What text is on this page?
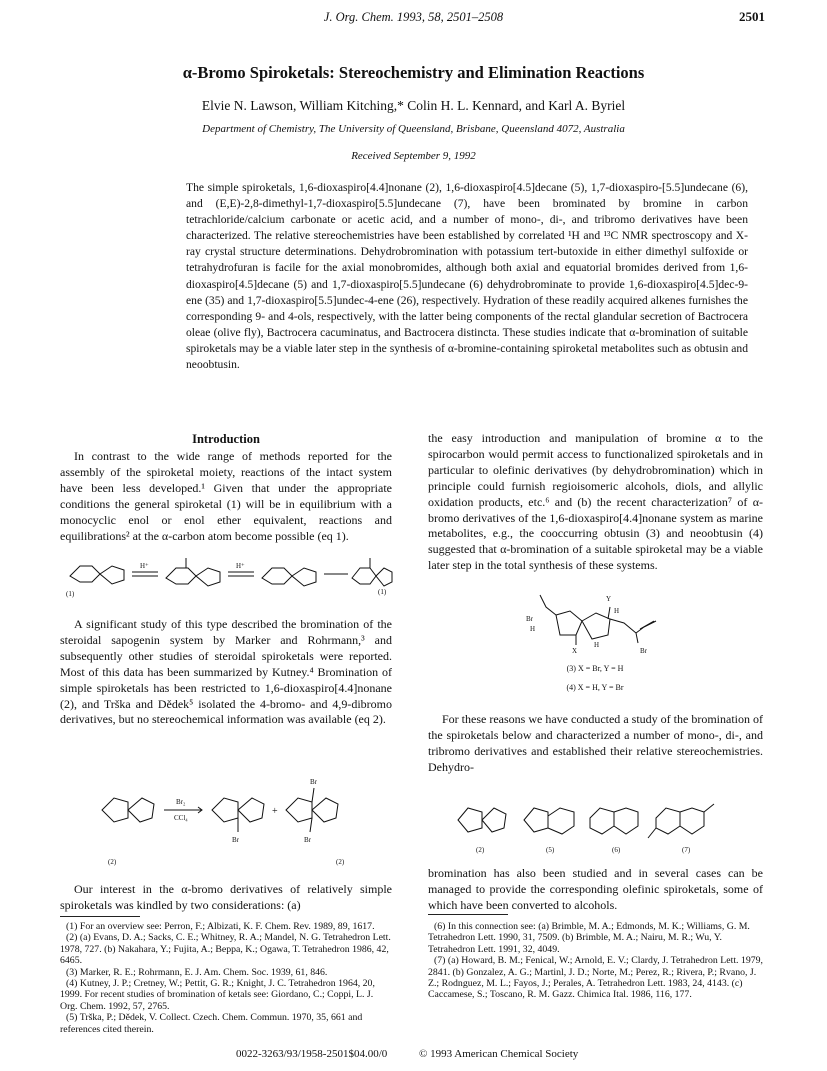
J. Org. Chem. 1993, 58, 2501–2508	2501
α-Bromo Spiroketals: Stereochemistry and Elimination Reactions
Elvie N. Lawson, William Kitching,* Colin H. L. Kennard, and Karl A. Byriel
Department of Chemistry, The University of Queensland, Brisbane, Queensland 4072, Australia
Received September 9, 1992
The simple spiroketals, 1,6-dioxaspiro[4.4]nonane (2), 1,6-dioxaspiro[4.5]decane (5), 1,7-dioxaspiro-[5.5]undecane (6), and (E,E)-2,8-dimethyl-1,7-dioxaspiro[5.5]undecane (7), have been brominated by bromine in carbon tetrachloride/calcium carbonate or acetic acid, and a number of mono-, di-, and tribromo derivatives have been characterized. The relative stereochemistries have been established by correlated ¹H and ¹³C NMR spectroscopy and X-ray crystal structure determinations. Dehydrobromination with potassium tert-butoxide in either dimethyl sulfoxide or tetrahydrofuran is facile for the axial monobromides, although both axial and equatorial bromides derived from 1,6-dioxaspiro[4.5]decane (5) and 1,7-dioxaspiro[5.5]undecane (6) dehydrobrominate to provide 1,6-dioxaspiro[4.5]dec-9-ene (35) and 1,7-dioxaspiro[5.5]undec-4-ene (26), respectively. Hydration of these readily acquired alkenes furnishes the corresponding 9- and 4-ols, respectively, with the latter being components of the rectal glandular secretion of Bactrocera oleae (olive fly), Bactrocera cacuminatus, and Bactrocera distincta. These studies indicate that α-bromination of suitable spiroketals may be a viable later step in the synthesis of α-bromine-containing spiroketal metabolites such as obtusin and neoobtusin.
Introduction

In contrast to the wide range of methods reported for the assembly of the spiroketal moiety, reactions of the intact system have been less developed.¹ Given that under the appropriate conditions the general spiroketal (1) will be in equilibrium with a monocyclic enol or enol ether equivalent, reactions and equilibrations² at the α-carbon atom become possible (eq 1).

H⁺	H⁺
(1)	(1)

A significant study of this type described the bromination of the steroidal sapogenin system by Marker and Rohrmann,³ and subsequently other studies of steroidal spiroketals were reported. Most of this data has been summarized by Kutney.⁴ Bromination of simple spiroketals has been restricted to 1,6-dioxaspiro[4.4]nonane (2), and Trška and Dědek⁵ isolated the 4-bromo- and 4,9-dibromo derivatives, but no stereochemical information was available (eq 2).

Br₂
CCl₄
Br
+
Br
Br
(2)	(2)

Our interest in the α-bromo derivatives of relatively simple spiroketals was kindled by two considerations: (a)

(1) For an overview see: Perron, F.; Albizati, K. F. Chem. Rev. 1989, 89, 1617.
(2) (a) Evans, D. A.; Sacks, C. E.; Whitney, R. A.; Mandel, N. G. Tetrahedron Lett. 1978, 727. (b) Nakahara, Y.; Fujita, A.; Beppa, K.; Ogawa, T. Tetrahedron 1986, 42, 6465.
(3) Marker, R. E.; Rohrmann, E. J. Am. Chem. Soc. 1939, 61, 846.
(4) Kutney, J. P.; Cretney, W.; Pettit, G. R.; Knight, J. C. Tetrahedron 1964, 20, 1999. For recent studies of bromination of ketals see: Giordano, C.; Coppi, L. J. Org. Chem. 1992, 57, 2765.
(5) Trška, P.; Dědek, V. Collect. Czech. Chem. Commun. 1970, 35, 661 and references cited therein.

the easy introduction and manipulation of bromine α to the spirocarbon would permit access to functionalized spiroketals and in particular to olefinic derivatives (by dehydrobromination) which in principle could furnish regioisomeric alcohols, diols, and allylic oxidation products, etc.⁶ and (b) the recent characterization⁷ of α-bromo derivatives of the 1,6-dioxaspiro[4.4]nonane system as marine metabolites, e.g., the cooccurring obtusin (3) and neoobtusin (4) suggested that α-bromination of a suitable spiroketal may be a viable later step in the total synthesis of these systems.

Br
H
Br
Y
X
H
H
(3) X = Br, Y = H
(4) X = H, Y = Br

For these reasons we have conducted a study of the bromination of the spiroketals below and characterized a number of mono-, di-, and tribromo derivatives and established their relative stereochemistries. Dehydro-

(2)	(5)	(6)	(7)

bromination has also been studied and in several cases can be managed to provide the corresponding olefinic spiroketals, some of which have been converted to alcohols.

(6) In this connection see: (a) Brimble, M. A.; Edmonds, M. K.; Williams, G. M. Tetrahedron Lett. 1990, 31, 7509. (b) Brimble, M. A.; Nairu, M. R.; Wu, Y. Tetrahedron Lett. 1991, 32, 4049.
(7) (a) Howard, B. M.; Fenical, W.; Arnold, E. V.; Clardy, J. Tetrahedron Lett. 1979, 2841. (b) Gonzalez, A. G.; Martinl, J. D.; Norte, M.; Perez, R.; Rivera, P.; Rvano, J. Z.; Rodnguez, M. L.; Fayos, J.; Perales, A. Tetrahedron Lett. 1983, 24, 4143. (c) Caccamese, S.; Toscano, R. M. Gazz. Chimica Ital. 1986, 116, 177.
0022-3263/93/1958-2501$04.00/0	© 1993 American Chemical Society
